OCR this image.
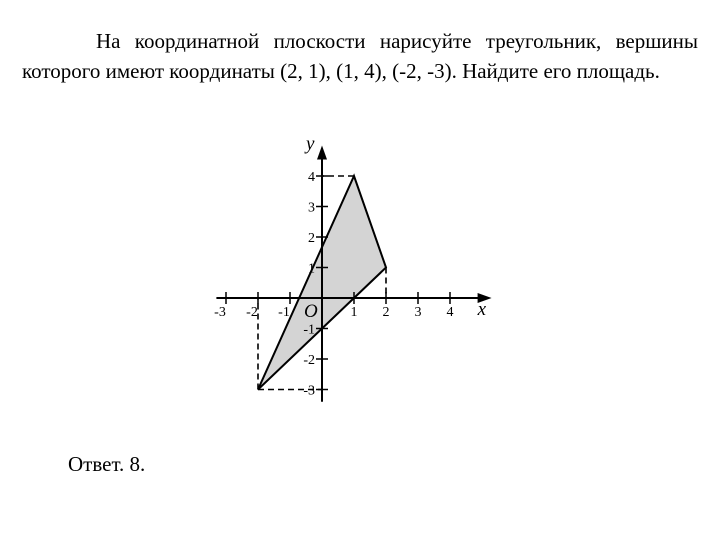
На координатной плоскости нарисуйте треугольник, вершины которого имеют координаты (2, 1), (1, 4), (-2, -3). Найдите его площадь.

-3 -2 -1	1 2 3 4
-3
-2
-1
1
2
3
4
x
y
O

Ответ. 8.
